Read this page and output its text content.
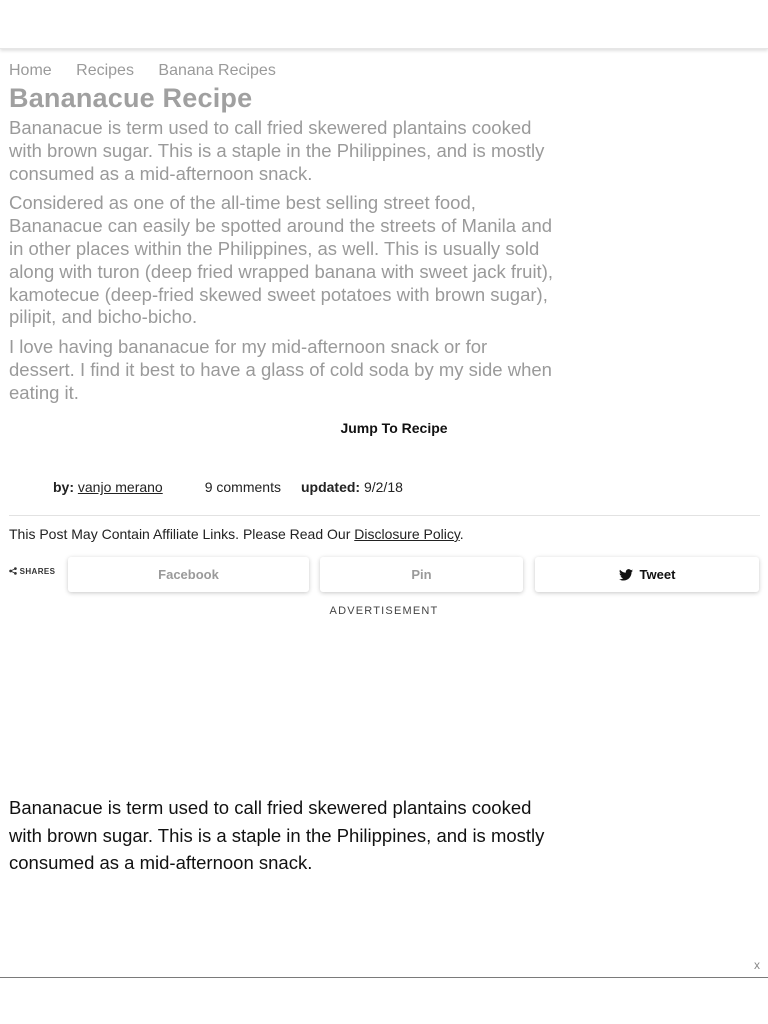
Home Recipes Banana Recipes
Bananacue Recipe

Bananacue is term used to call fried skewered plantains cooked with brown sugar. This is a staple in the Philippines, and is mostly consumed as a mid-afternoon snack.

Considered as one of the all-time best selling street food, Bananacue can easily be spotted around the streets of Manila and in other places within the Philippines, as well. This is usually sold along with turon (deep fried wrapped banana with sweet jack fruit), kamotecue (deep-fried skewed sweet potatoes with brown sugar), pilipit, and bicho-bicho.

I love having bananacue for my mid-afternoon snack or for dessert. I find it best to have a glass of cold soda by my side when eating it.

Jump To Recipe
by: vanjo merano	9 comments updated: 9/2/18
This Post May Contain Affiliate Links. Please Read Our Disclosure Policy.
SHARES	Facebook	Pin	Tweet
ADVERTISEMENT

Bananacue is term used to call fried skewered plantains cooked with brown sugar. This is a staple in the Philippines, and is mostly consumed as a mid-afternoon snack.

x
